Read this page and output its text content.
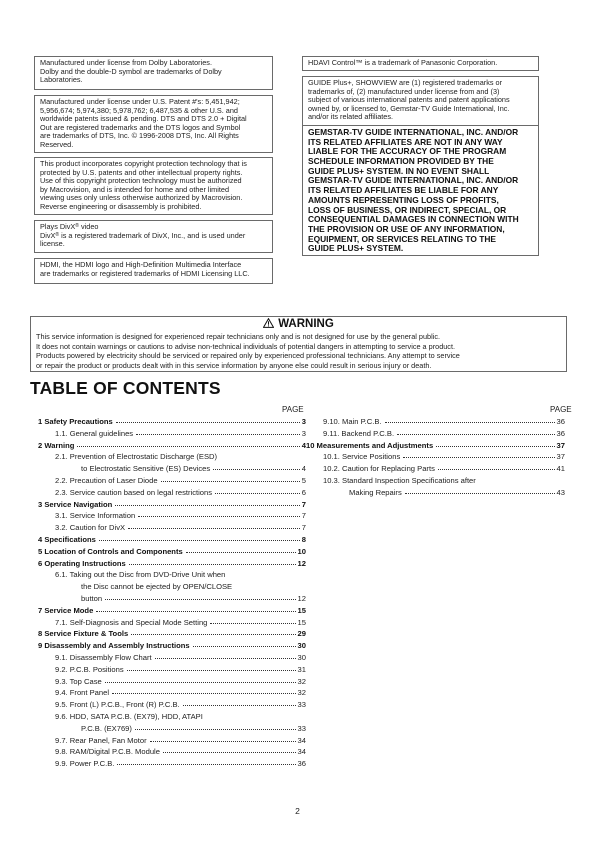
Manufactured under license from Dolby Laboratories.
Dolby and the double-D symbol are trademarks of Dolby
Laboratories.
Manufactured under license under U.S. Patent #'s: 5,451,942;
5,956,674; 5,974,380; 5,978,762; 6,487,535 & other U.S. and
worldwide patents issued & pending. DTS and DTS 2.0 + Digital
Out are registered trademarks and the DTS logos and Symbol
are trademarks of DTS, Inc. © 1996-2008 DTS, Inc. All Rights
Reserved.
This product incorporates copyright protection technology that is
protected by U.S. patents and other intellectual property rights.
Use of this copyright protection technology must be authorized
by Macrovision, and is intended for home and other limited
viewing uses only unless otherwise authorized by Macrovision.
Reverse engineering or disassembly is prohibited.
Plays DivX® video
DivX® is a registered trademark of DivX, Inc., and is used under
license.
HDMI, the HDMI logo and High-Definition Multimedia Interface
are trademarks or registered trademarks of HDMI Licensing LLC.
HDAVI Control™ is a trademark of Panasonic Corporation.
GUIDE Plus+, SHOWVIEW are (1) registered trademarks or
trademarks of, (2) manufactured under license from and (3)
subject of various international patents and patent applications
owned by, or licensed to, Gemstar-TV Guide International, Inc.
and/or its related affiliates.
GEMSTAR-TV GUIDE INTERNATIONAL, INC. AND/OR
ITS RELATED AFFILIATES ARE NOT IN ANY WAY
LIABLE FOR THE ACCURACY OF THE PROGRAM
SCHEDULE INFORMATION PROVIDED BY THE
GUIDE PLUS+ SYSTEM. IN NO EVENT SHALL
GEMSTAR-TV GUIDE INTERNATIONAL, INC. AND/OR
ITS RELATED AFFILIATES BE LIABLE FOR ANY
AMOUNTS REPRESENTING LOSS OF PROFITS,
LOSS OF BUSINESS, OR INDIRECT, SPECIAL, OR
CONSEQUENTIAL DAMAGES IN CONNECTION WITH
THE PROVISION OR USE OF ANY INFORMATION,
EQUIPMENT, OR SERVICES RELATING TO THE
GUIDE PLUS+ SYSTEM.
WARNING
This service information is designed for experienced repair technicians only and is not designed for use by the general public.
It does not contain warnings or cautions to advise non-technical individuals of potential dangers in attempting to service a product.
Products powered by electricity should be serviced or repaired only by experienced professional technicians. Any attempt to service
or repair the product or products dealt with in this service information by anyone else could result in serious injury or death.
TABLE OF CONTENTS
PAGE	PAGE
1 Safety Precautions	3
1.1. General guidelines	3
2 Warning	4
2.1. Prevention of Electrostatic Discharge (ESD)
to Electrostatic Sensitive (ES) Devices	4
2.2. Precaution of Laser Diode	5
2.3. Service caution based on legal restrictions	6
3 Service Navigation	7
3.1. Service Information	7
3.2. Caution for DivX	7
4 Specifications	8
5 Location of Controls and Components	10
6 Operating Instructions	12
6.1. Taking out the Disc from DVD-Drive Unit when
the Disc cannot be ejected by OPEN/CLOSE
button	12
7 Service Mode	15
7.1. Self-Diagnosis and Special Mode Setting	15
8 Service Fixture & Tools	29
9 Disassembly and Assembly Instructions	30
9.1. Disassembly Flow Chart	30
9.2. P.C.B. Positions	31
9.3. Top Case	32
9.4. Front Panel	32
9.5. Front (L) P.C.B., Front (R) P.C.B.	33
9.6. HDD, SATA P.C.B. (EX79), HDD, ATAPI
P.C.B. (EX769)	33
9.7. Rear Panel, Fan Motor	34
9.8. RAM/Digital P.C.B. Module	34
9.9. Power P.C.B.	36
9.10. Main P.C.B.	36
9.11. Backend P.C.B.	36
10 Measurements and Adjustments	37
10.1. Service Positions	37
10.2. Caution for Replacing Parts	41
10.3. Standard Inspection Specifications after
Making Repairs	43
2
